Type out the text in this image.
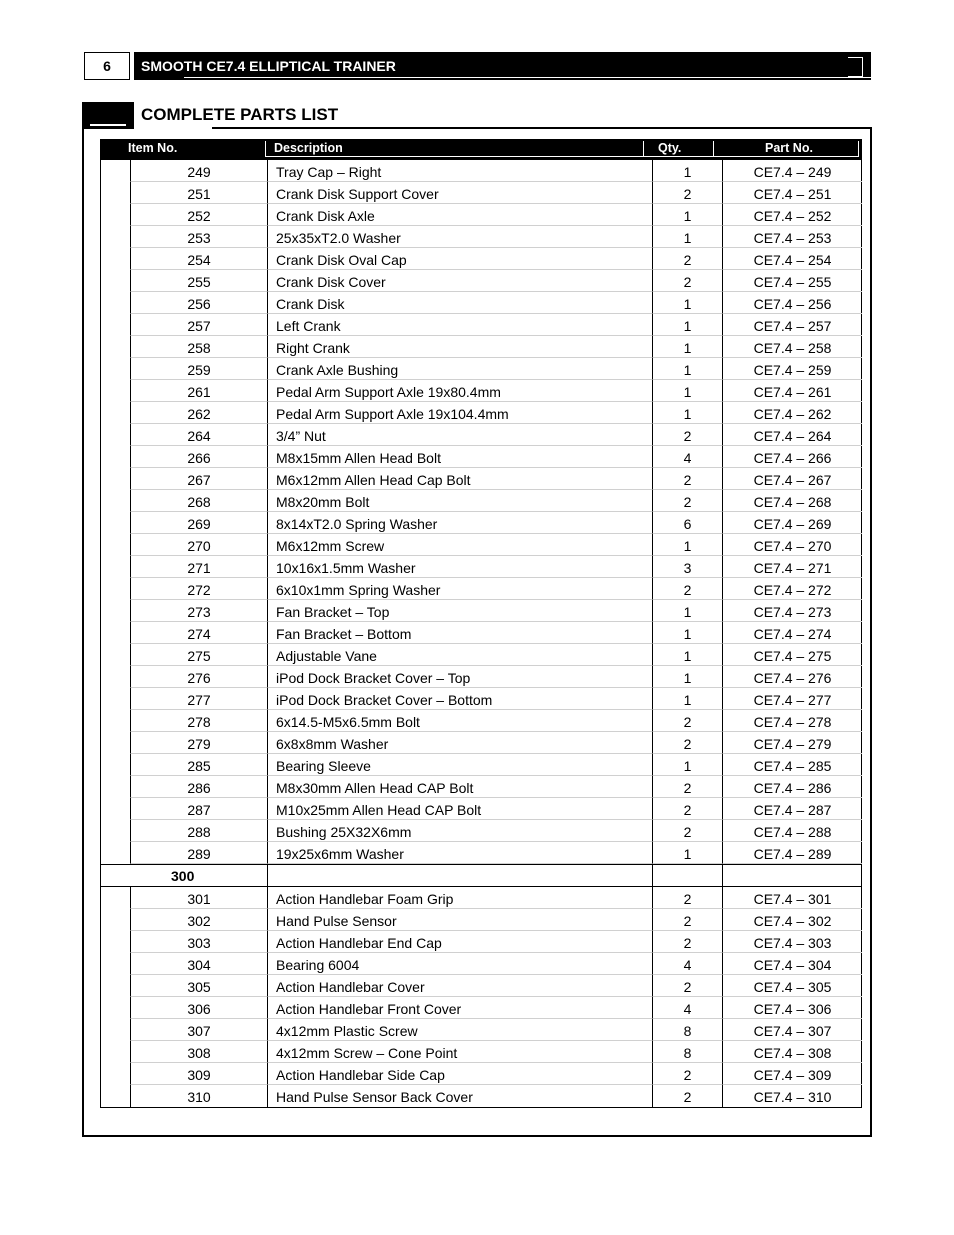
6	SMOOTH CE7.4 ELLIPTICAL TRAINER
COMPLETE PARTS LIST
Item No.	Description	Qty.	Part No.
249	Tray Cap – Right	1	CE7.4 – 249
251	Crank Disk Support Cover	2	CE7.4 – 251
252	Crank Disk Axle	1	CE7.4 – 252
253	25x35xT2.0 Washer	1	CE7.4 – 253
254	Crank Disk Oval Cap	2	CE7.4 – 254
255	Crank Disk Cover	2	CE7.4 – 255
256	Crank Disk	1	CE7.4 – 256
257	Left Crank	1	CE7.4 – 257
258	Right Crank	1	CE7.4 – 258
259	Crank Axle Bushing	1	CE7.4 – 259
261	Pedal Arm Support Axle 19x80.4mm	1	CE7.4 – 261
262	Pedal Arm Support Axle 19x104.4mm	1	CE7.4 – 262
264	3/4” Nut	2	CE7.4 – 264
266	M8x15mm Allen Head Bolt	4	CE7.4 – 266
267	M6x12mm Allen Head Cap Bolt	2	CE7.4 – 267
268	M8x20mm Bolt	2	CE7.4 – 268
269	8x14xT2.0 Spring Washer	6	CE7.4 – 269
270	M6x12mm Screw	1	CE7.4 – 270
271	10x16x1.5mm Washer	3	CE7.4 – 271
272	6x10x1mm Spring Washer	2	CE7.4 – 272
273	Fan Bracket – Top	1	CE7.4 – 273
274	Fan Bracket – Bottom	1	CE7.4 – 274
275	Adjustable Vane	1	CE7.4 – 275
276	iPod Dock Bracket Cover – Top	1	CE7.4 – 276
277	iPod Dock Bracket Cover – Bottom	1	CE7.4 – 277
278	6x14.5-M5x6.5mm Bolt	2	CE7.4 – 278
279	6x8x8mm Washer	2	CE7.4 – 279
285	Bearing Sleeve	1	CE7.4 – 285
286	M8x30mm Allen Head CAP Bolt	2	CE7.4 – 286
287	M10x25mm Allen Head CAP Bolt	2	CE7.4 – 287
288	Bushing 25X32X6mm	2	CE7.4 – 288
289	19x25x6mm Washer	1	CE7.4 – 289
300
301	Action Handlebar Foam Grip	2	CE7.4 – 301
302	Hand Pulse Sensor	2	CE7.4 – 302
303	Action Handlebar End Cap	2	CE7.4 – 303
304	Bearing 6004	4	CE7.4 – 304
305	Action Handlebar Cover	2	CE7.4 – 305
306	Action Handlebar Front Cover	4	CE7.4 – 306
307	4x12mm Plastic Screw	8	CE7.4 – 307
308	4x12mm Screw – Cone Point	8	CE7.4 – 308
309	Action Handlebar Side Cap	2	CE7.4 – 309
310	Hand Pulse Sensor Back Cover	2	CE7.4 – 310
